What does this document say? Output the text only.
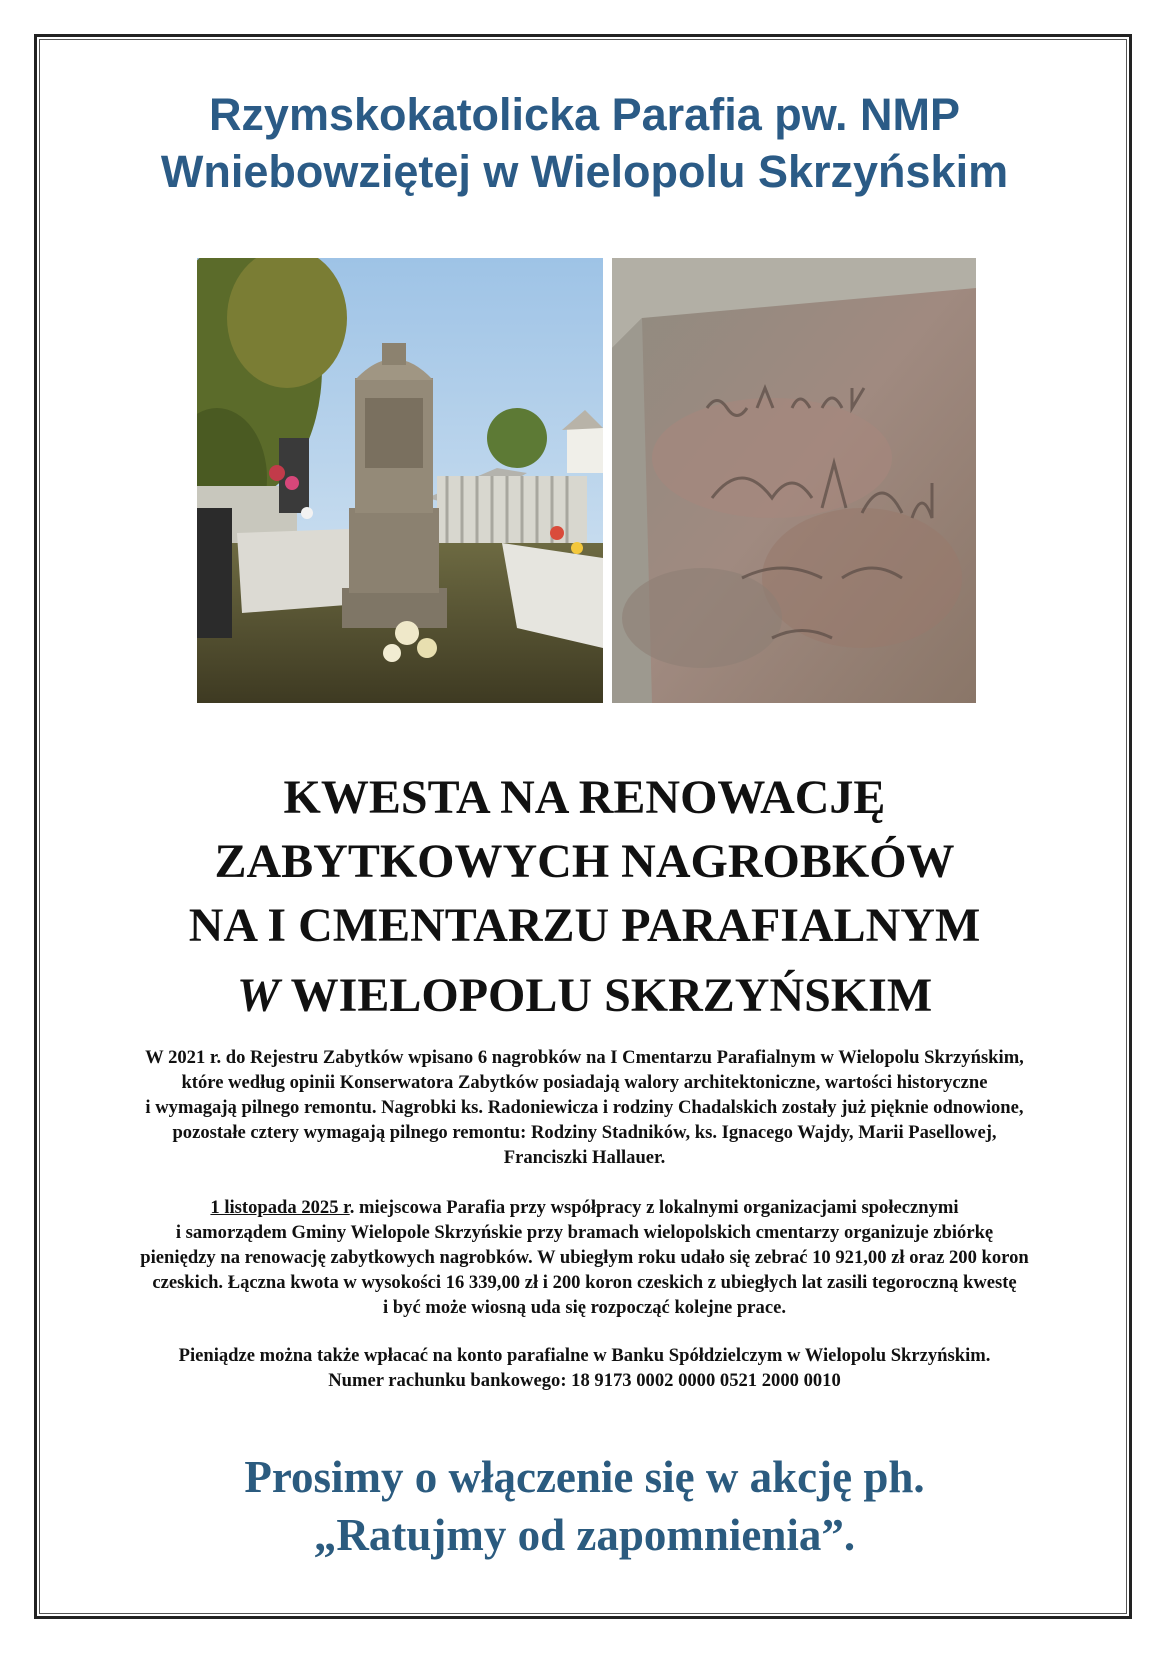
Rzymskokatolicka Parafia pw. NMP
Wniebowziętej w Wielopolu Skrzyńskim
KWESTA NA RENOWACJĘ
ZABYTKOWYCH NAGROBKÓW
NA I CMENTARZU PARAFIALNYM
W WIELOPOLU SKRZYŃSKIM

W 2021 r. do Rejestru Zabytków wpisano 6 nagrobków na I Cmentarzu Parafialnym w Wielopolu Skrzyńskim,
które według opinii Konserwatora Zabytków posiadają walory architektoniczne, wartości historyczne
i wymagają pilnego remontu. Nagrobki ks. Radoniewicza i rodziny Chadalskich zostały już pięknie odnowione,
pozostałe cztery wymagają pilnego remontu: Rodziny Stadników, ks. Ignacego Wajdy, Marii Pasellowej,
Franciszki Hallauer.

1 listopada 2025 r. miejscowa Parafia przy współpracy z lokalnymi organizacjami społecznymi
i samorządem Gminy Wielopole Skrzyńskie przy bramach wielopolskich cmentarzy organizuje zbiórkę
pieniędzy na renowację zabytkowych nagrobków. W ubiegłym roku udało się zebrać 10 921,00 zł oraz 200 koron
czeskich. Łączna kwota w wysokości 16 339,00 zł i 200 koron czeskich z ubiegłych lat zasili tegoroczną kwestę
i być może wiosną uda się rozpocząć kolejne prace.

Pieniądze można także wpłacać na konto parafialne w Banku Spółdzielczym w Wielopolu Skrzyńskim.
Numer rachunku bankowego: 18 9173 0002 0000 0521 2000 0010

Prosimy o włączenie się w akcję ph.
„Ratujmy od zapomnienia”.
